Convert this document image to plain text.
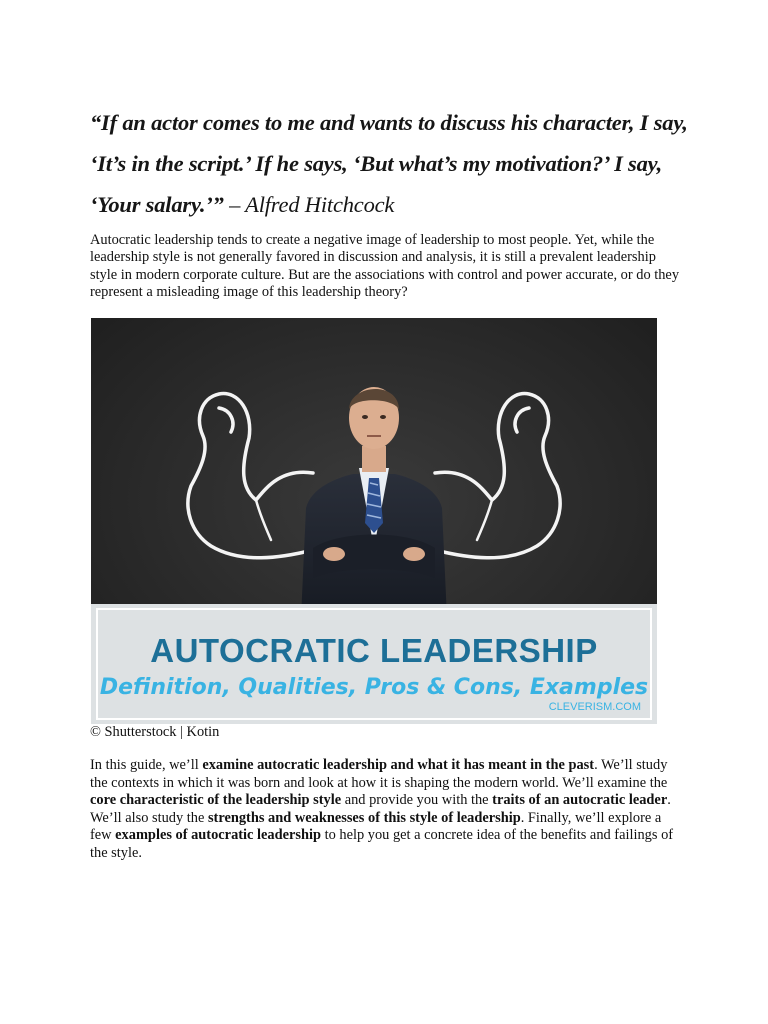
“If an actor comes to me and wants to discuss his character, I say, ‘It’s in the script.’ If he says, ‘But what’s my motivation?’ I say, ‘Your salary.’” – Alfred Hitchcock

Autocratic leadership tends to create a negative image of leadership to most people. Yet, while the leadership style is not generally favored in discussion and analysis, it is still a prevalent leadership style in modern corporate culture. But are the associations with control and power accurate, or do they represent a misleading image of this leadership theory?

AUTOCRATIC LEADERSHIP
Definition, Qualities, Pros & Cons, Examples
CLEVERISM.COM

© Shutterstock | Kotin

In this guide, we’ll examine autocratic leadership and what it has meant in the past. We’ll study the contexts in which it was born and look at how it is shaping the modern world. We’ll examine the core characteristic of the leadership style and provide you with the traits of an autocratic leader. We’ll also study the strengths and weaknesses of this style of leadership. Finally, we’ll explore a few examples of autocratic leadership to help you get a concrete idea of the benefits and failings of the style.
